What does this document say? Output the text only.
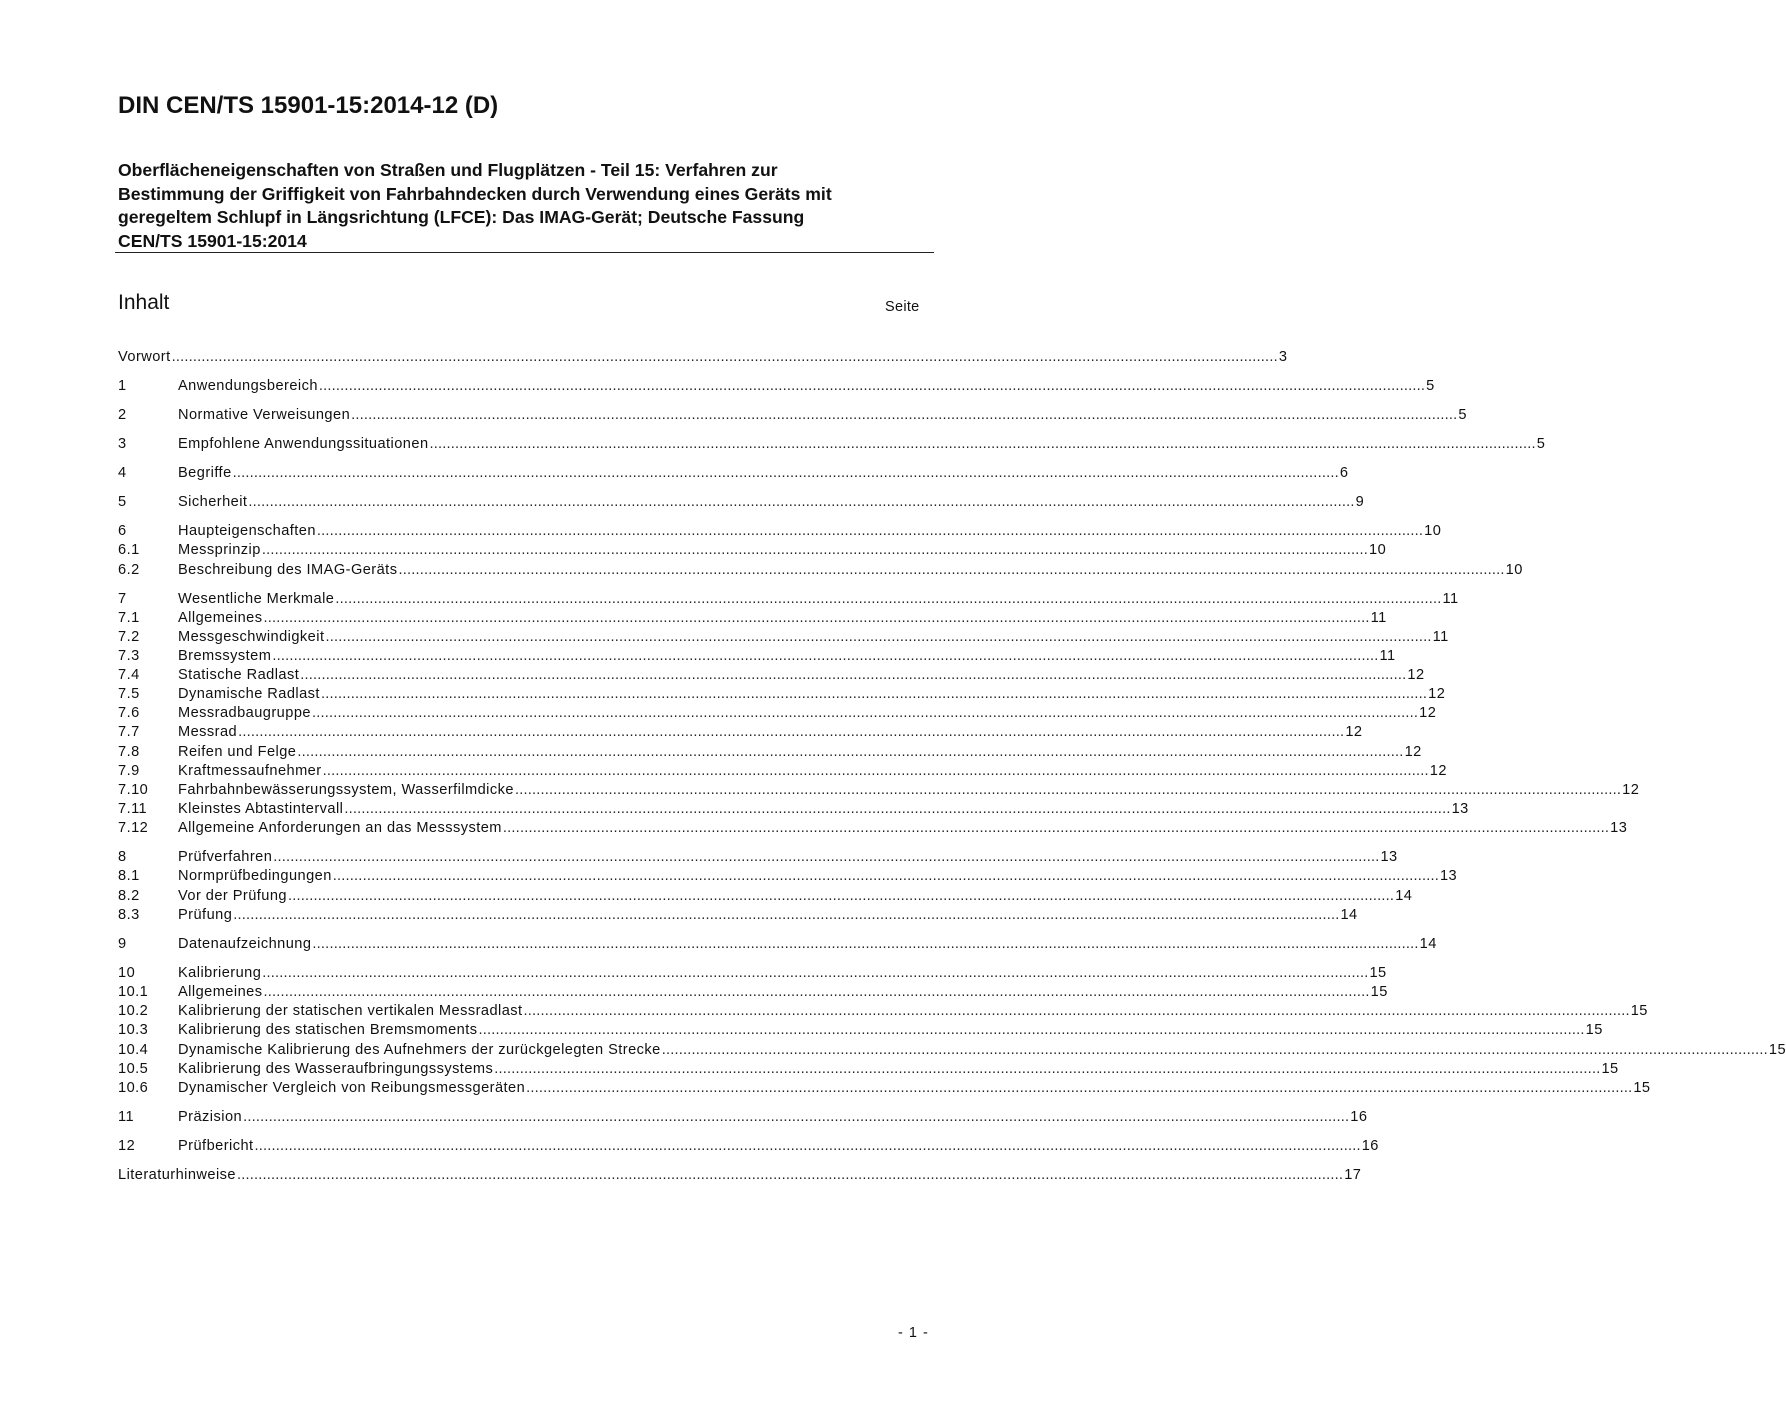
DIN CEN/TS 15901-15:2014-12 (D)
Oberflächeneigenschaften von Straßen und Flugplätzen - Teil 15: Verfahren zur
Bestimmung der Griffigkeit von Fahrbahndecken durch Verwendung eines Geräts mit
geregeltem Schlupf in Längsrichtung (LFCE): Das IMAG-Gerät; Deutsche Fassung
CEN/TS 15901-15:2014
Inhalt	Seite
Vorwort .................................................................................................................................................................................................................................................................... 3
1	Anwendungsbereich .................................................................................................................................................................................................................................................................... 5
2	Normative Verweisungen .................................................................................................................................................................................................................................................................... 5
3	Empfohlene Anwendungssituationen .................................................................................................................................................................................................................................................................... 5
4	Begriffe .................................................................................................................................................................................................................................................................... 6
5	Sicherheit .................................................................................................................................................................................................................................................................... 9
6	Haupteigenschaften .................................................................................................................................................................................................................................................................... 10
6.1	Messprinzip .................................................................................................................................................................................................................................................................... 10
6.2	Beschreibung des IMAG-Geräts .................................................................................................................................................................................................................................................................... 10
7	Wesentliche Merkmale .................................................................................................................................................................................................................................................................... 11
7.1	Allgemeines .................................................................................................................................................................................................................................................................... 11
7.2	Messgeschwindigkeit .................................................................................................................................................................................................................................................................... 11
7.3	Bremssystem .................................................................................................................................................................................................................................................................... 11
7.4	Statische Radlast .................................................................................................................................................................................................................................................................... 12
7.5	Dynamische Radlast .................................................................................................................................................................................................................................................................... 12
7.6	Messradbaugruppe .................................................................................................................................................................................................................................................................... 12
7.7	Messrad .................................................................................................................................................................................................................................................................... 12
7.8	Reifen und Felge .................................................................................................................................................................................................................................................................... 12
7.9	Kraftmessaufnehmer .................................................................................................................................................................................................................................................................... 12
7.10	Fahrbahnbewässerungssystem, Wasserfilmdicke .................................................................................................................................................................................................................................................................... 12
7.11	Kleinstes Abtastintervall .................................................................................................................................................................................................................................................................... 13
7.12	Allgemeine Anforderungen an das Messsystem .................................................................................................................................................................................................................................................................... 13
8	Prüfverfahren .................................................................................................................................................................................................................................................................... 13
8.1	Normprüfbedingungen .................................................................................................................................................................................................................................................................... 13
8.2	Vor der Prüfung .................................................................................................................................................................................................................................................................... 14
8.3	Prüfung .................................................................................................................................................................................................................................................................... 14
9	Datenaufzeichnung .................................................................................................................................................................................................................................................................... 14
10	Kalibrierung .................................................................................................................................................................................................................................................................... 15
10.1	Allgemeines .................................................................................................................................................................................................................................................................... 15
10.2	Kalibrierung der statischen vertikalen Messradlast .................................................................................................................................................................................................................................................................... 15
10.3	Kalibrierung des statischen Bremsmoments .................................................................................................................................................................................................................................................................... 15
10.4	Dynamische Kalibrierung des Aufnehmers der zurückgelegten Strecke .................................................................................................................................................................................................................................................................... 15
10.5	Kalibrierung des Wasseraufbringungssystems .................................................................................................................................................................................................................................................................... 15
10.6	Dynamischer Vergleich von Reibungsmessgeräten .................................................................................................................................................................................................................................................................... 15
11	Präzision .................................................................................................................................................................................................................................................................... 16
12	Prüfbericht .................................................................................................................................................................................................................................................................... 16
Literaturhinweise .................................................................................................................................................................................................................................................................... 17
- 1 -
